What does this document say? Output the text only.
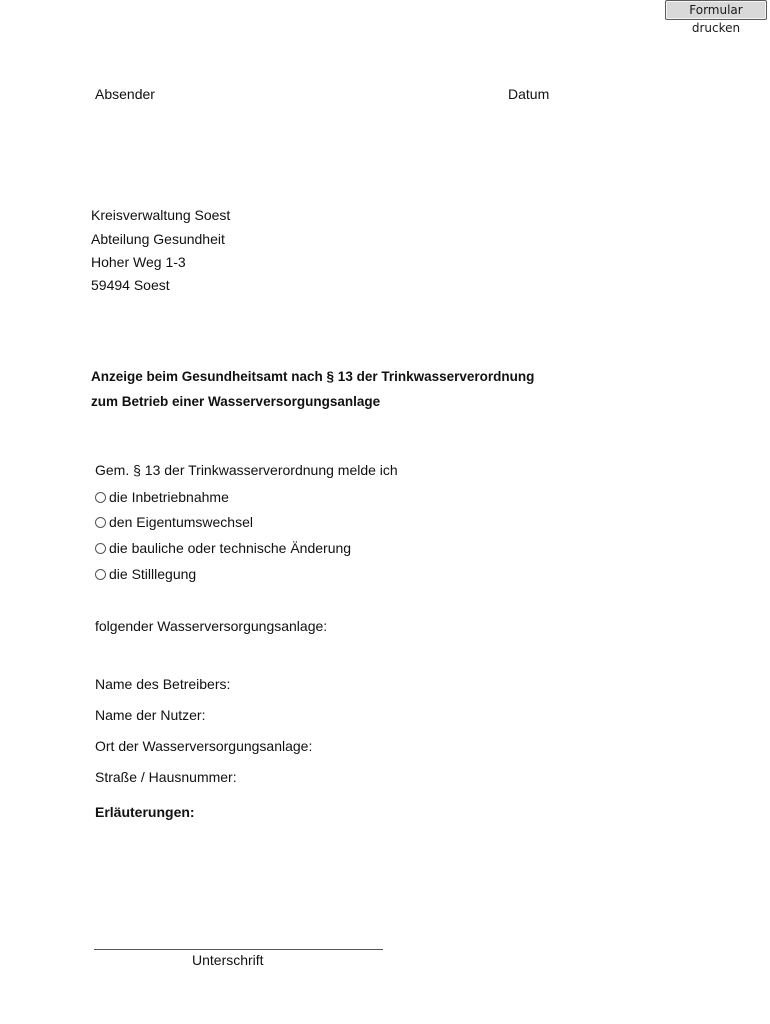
Formular drucken
Absender	Datum
Kreisverwaltung Soest
Abteilung Gesundheit
Hoher Weg 1-3
59494 Soest
Anzeige beim Gesundheitsamt nach § 13 der Trinkwasserverordnung
zum Betrieb einer Wasserversorgungsanlage
Gem. § 13 der Trinkwasserverordnung melde ich
die Inbetriebnahme
den Eigentumswechsel
die bauliche oder technische Änderung
die Stilllegung
folgender Wasserversorgungsanlage:
Name des Betreibers:
Name der Nutzer:
Ort der Wasserversorgungsanlage:
Straße / Hausnummer:
Erläuterungen:
Unterschrift
